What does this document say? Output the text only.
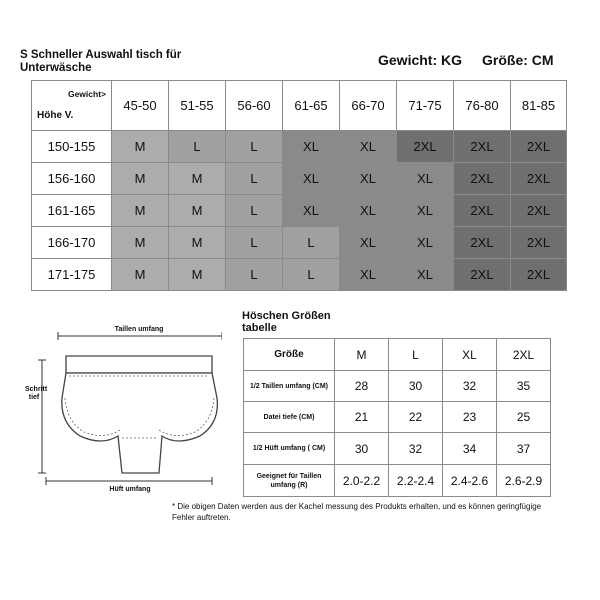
S Schneller Auswahl tisch für Unterwäsche	Gewicht: KG Größe: CM
Gewicht>
Höhe V.	45-50	51-55	56-60	61-65	66-70	71-75	76-80	81-85
150-155	M	L	L	XL	XL	2XL	2XL	2XL
156-160	M	M	L	XL	XL	XL	2XL	2XL
161-165	M	M	L	XL	XL	XL	2XL	2XL
166-170	M	M	L	L	XL	XL	2XL	2XL
171-175	M	M	L	L	XL	XL	2XL	2XL
Taillen umfang
Schritt tief
Hüft umfang
Höschen Größen tabelle
Größe	M	L	XL	2XL
1/2 Taillen umfang (CM)	28	30	32	35
Datei tiefe (CM)	21	22	23	25
1/2 Hüft umfang ( CM)	30	32	34	37
Geeignet für Taillen umfang (R)	2.0-2.2	2.2-2.4	2.4-2.6	2.6-2.9
* Die obigen Daten werden aus der Kachel messung des Produkts erhalten, und es können geringfügige Fehler auftreten.
